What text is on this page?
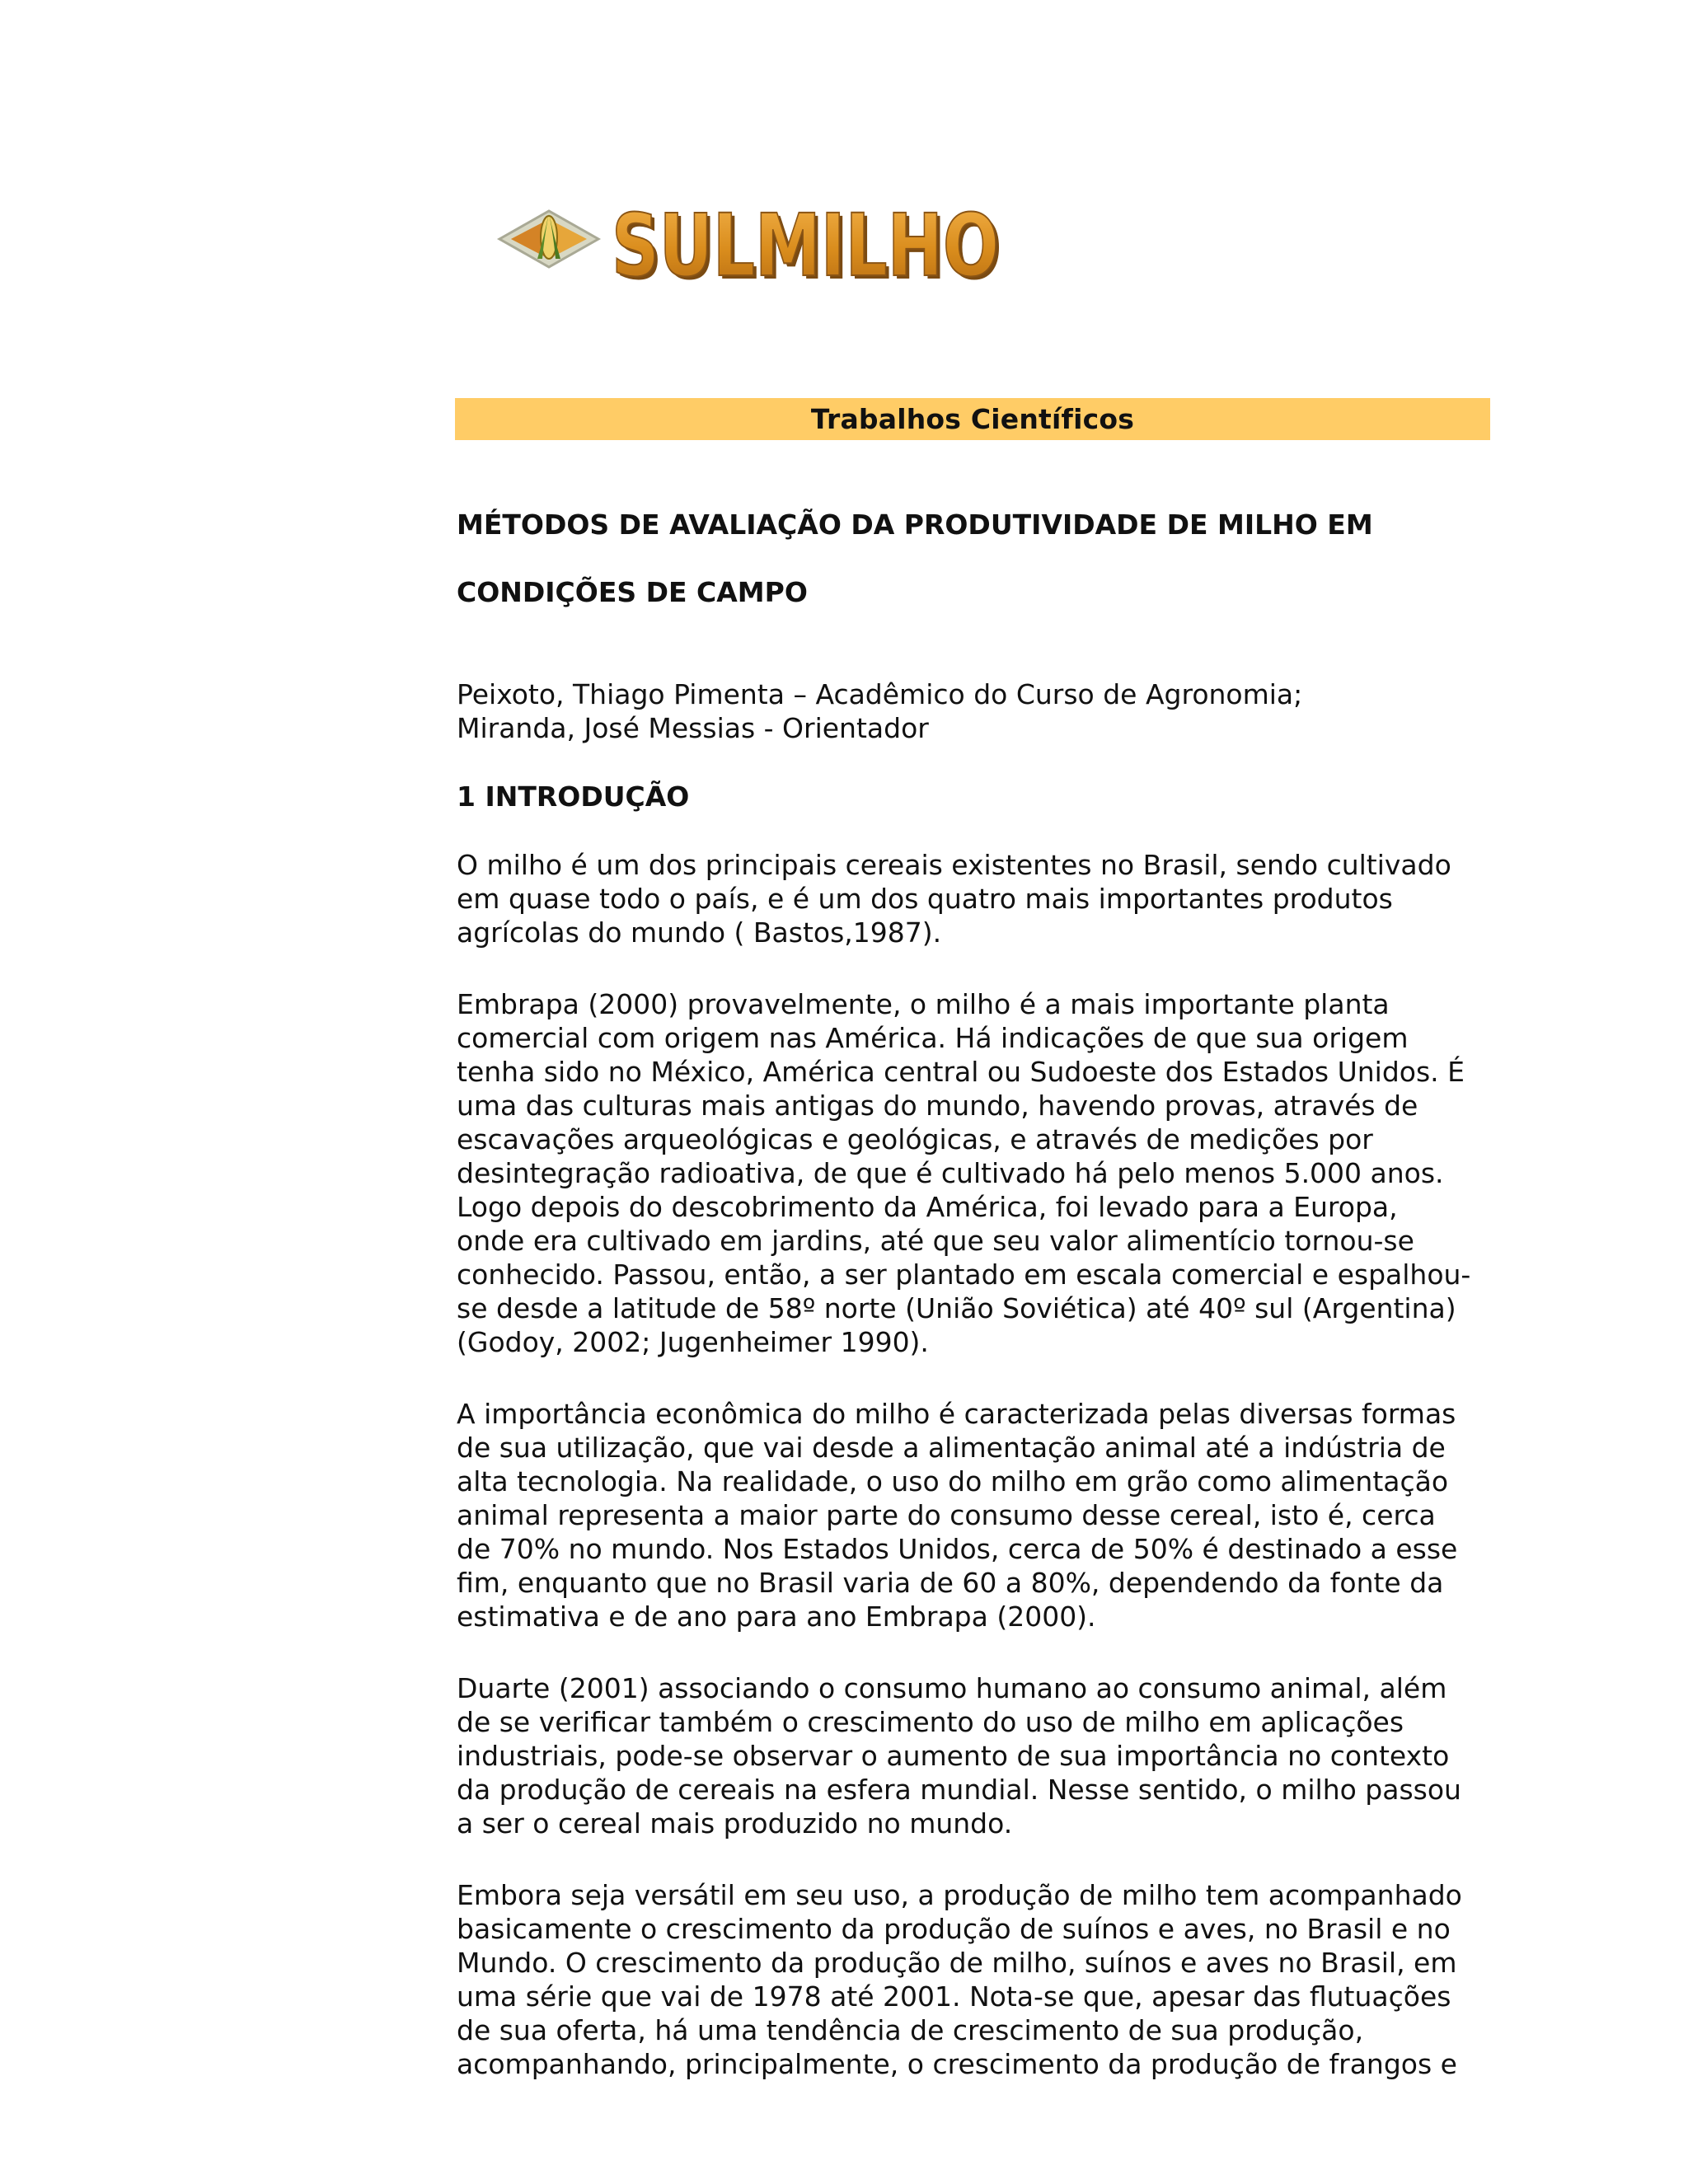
SULMILHO
SULMILHO
Trabalhos Científicos

MÉTODOS DE AVALIAÇÃO DA PRODUTIVIDADE DE MILHO EM

CONDIÇÕES DE CAMPO

Peixoto, Thiago Pimenta – Acadêmico do Curso de Agronomia;
Miranda, José Messias - Orientador
1 INTRODUÇÃO
O milho é um dos principais cereais existentes no Brasil, sendo cultivado
em quase todo o país, e é um dos quatro mais importantes produtos
agrícolas do mundo ( Bastos,1987).
Embrapa (2000) provavelmente, o milho é a mais importante planta
comercial com origem nas América. Há indicações de que sua origem
tenha sido no México, América central ou Sudoeste dos Estados Unidos. É
uma das culturas mais antigas do mundo, havendo provas, através de
escavações arqueológicas e geológicas, e através de medições por
desintegração radioativa, de que é cultivado há pelo menos 5.000 anos.
Logo depois do descobrimento da América, foi levado para a Europa,
onde era cultivado em jardins, até que seu valor alimentício tornou-se
conhecido. Passou, então, a ser plantado em escala comercial e espalhou-
se desde a latitude de 58º norte (União Soviética) até 40º sul (Argentina)
(Godoy, 2002; Jugenheimer 1990).
A importância econômica do milho é caracterizada pelas diversas formas
de sua utilização, que vai desde a alimentação animal até a indústria de
alta tecnologia. Na realidade, o uso do milho em grão como alimentação
animal representa a maior parte do consumo desse cereal, isto é, cerca
de 70% no mundo. Nos Estados Unidos, cerca de 50% é destinado a esse
fim, enquanto que no Brasil varia de 60 a 80%, dependendo da fonte da
estimativa e de ano para ano Embrapa (2000).
Duarte (2001) associando o consumo humano ao consumo animal, além
de se verificar também o crescimento do uso de milho em aplicações
industriais, pode-se observar o aumento de sua importância no contexto
da produção de cereais na esfera mundial. Nesse sentido, o milho passou
a ser o cereal mais produzido no mundo.
Embora seja versátil em seu uso, a produção de milho tem acompanhado
basicamente o crescimento da produção de suínos e aves, no Brasil e no
Mundo. O crescimento da produção de milho, suínos e aves no Brasil, em
uma série que vai de 1978 até 2001. Nota-se que, apesar das flutuações
de sua oferta, há uma tendência de crescimento de sua produção,
acompanhando, principalmente, o crescimento da produção de frangos e
